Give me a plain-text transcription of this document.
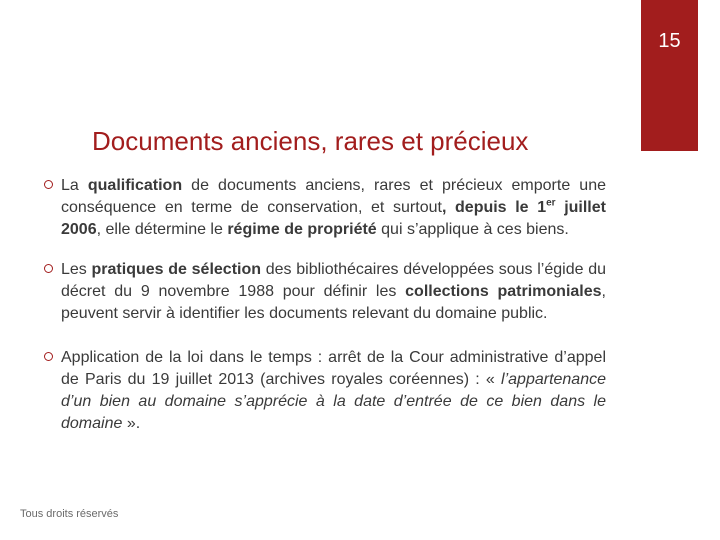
15
Documents anciens, rares et précieux
La qualification de documents anciens, rares et précieux emporte une conséquence en terme de conservation, et surtout, depuis le 1er juillet 2006, elle détermine le régime de propriété qui s’applique à ces biens.
Les pratiques de sélection des bibliothécaires développées sous l’égide du décret du 9 novembre 1988 pour définir les collections patrimoniales, peuvent servir à identifier les documents relevant du domaine public.
Application de la loi dans le temps : arrêt de la Cour administrative d’appel de Paris du 19 juillet 2013 (archives royales coréennes) : « l’appartenance d’un bien au domaine s’apprécie à la date d’entrée de ce bien dans le domaine ».
Tous droits réservés
